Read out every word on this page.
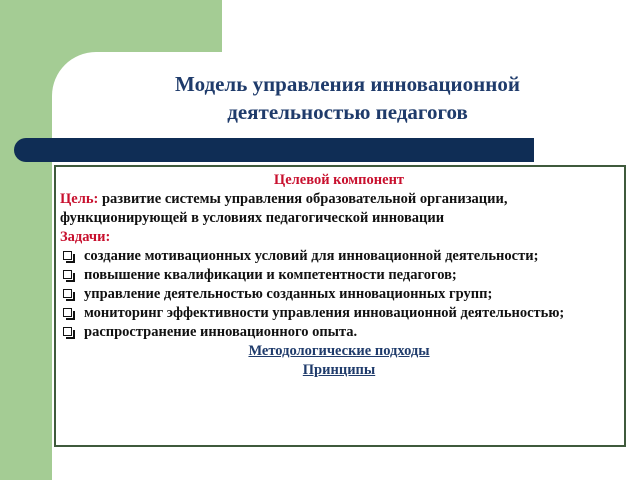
Модель управления инновационной
деятельностью педагогов
Целевой компонент
Цель: развитие системы управления образовательной организации, функционирующей в условиях педагогической инновации
Задачи:
создание мотивационных условий для инновационной деятельности;
повышение квалификации и компетентности педагогов;
управление деятельностью созданных инновационных групп;
мониторинг эффективности управления инновационной деятельностью;
распространение инновационного опыта.
Методологические подходы
Принципы
